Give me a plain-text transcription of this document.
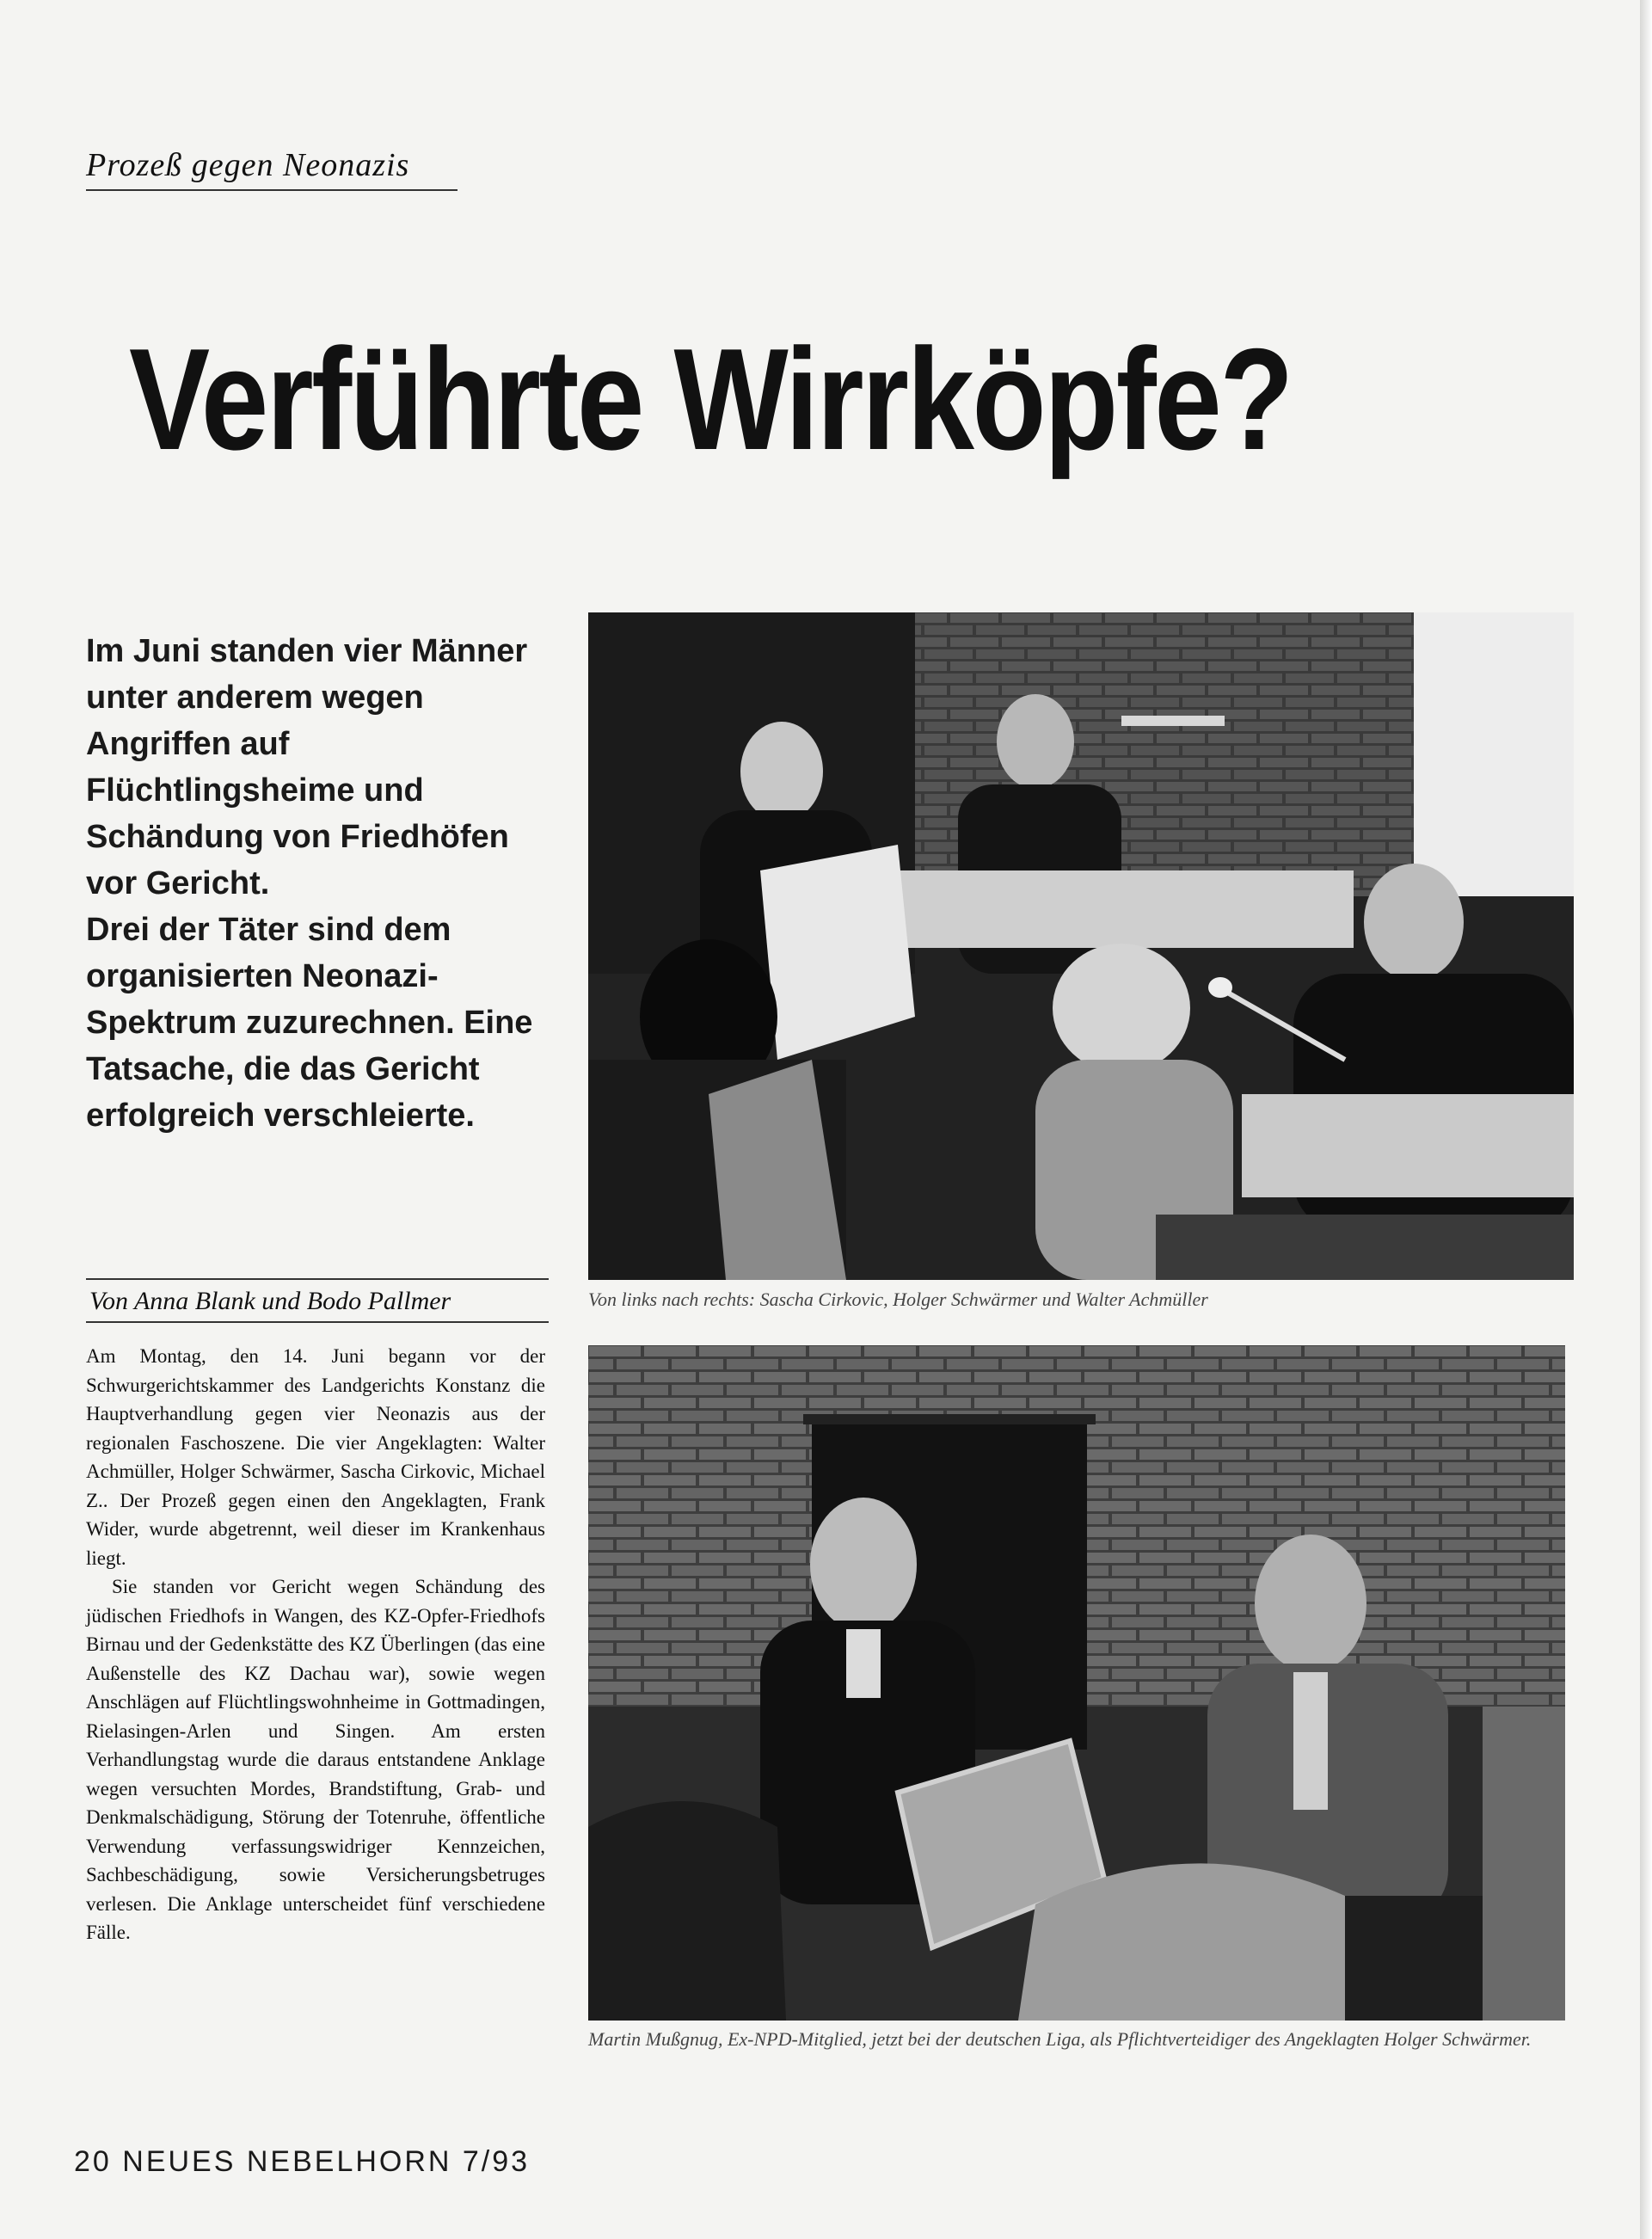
Prozeß gegen Neonazis
Verführte Wirrköpfe?

Im Juni standen vier Männer unter anderem wegen Angriffen auf Flüchtlingsheime und Schändung von Friedhöfen vor Gericht.

Drei der Täter sind dem organisierten Neonazi-Spektrum zuzurechnen. Eine Tatsache, die das Gericht erfolgreich verschleierte.

Von Anna Blank und Bodo Pallmer

Am Montag, den 14. Juni begann vor der Schwurgerichtskammer des Landgerichts Konstanz die Hauptverhandlung gegen vier Neonazis aus der regionalen Faschoszene. Die vier Angeklagten: Walter Achmüller, Holger Schwärmer, Sascha Cirkovic, Michael Z.. Der Prozeß gegen einen den Angeklagten, Frank Wider, wurde abgetrennt, weil dieser im Krankenhaus liegt.

Sie standen vor Gericht wegen Schändung des jüdischen Friedhofs in Wangen, des KZ-Opfer-Friedhofs Birnau und der Gedenkstätte des KZ Überlingen (das eine Außenstelle des KZ Dachau war), sowie wegen Anschlägen auf Flüchtlingswohnheime in Gottmadingen, Rielasingen-Arlen und Singen. Am ersten Verhandlungstag wurde die daraus entstandene Anklage wegen versuchten Mordes, Brandstiftung, Grab- und Denkmalschädigung, Störung der Totenruhe, öffentliche Verwendung verfassungswidriger Kennzeichen, Sachbeschädigung, sowie Versicherungsbetruges verlesen. Die Anklage unterscheidet fünf verschiedene Fälle.

Von links nach rechts: Sascha Cirkovic, Holger Schwärmer und Walter Achmüller
Martin Mußgnug, Ex-NPD-Mitglied, jetzt bei der deutschen Liga, als Pflichtverteidiger des Angeklagten Holger Schwärmer.
20 NEUES NEBELHORN 7/93
